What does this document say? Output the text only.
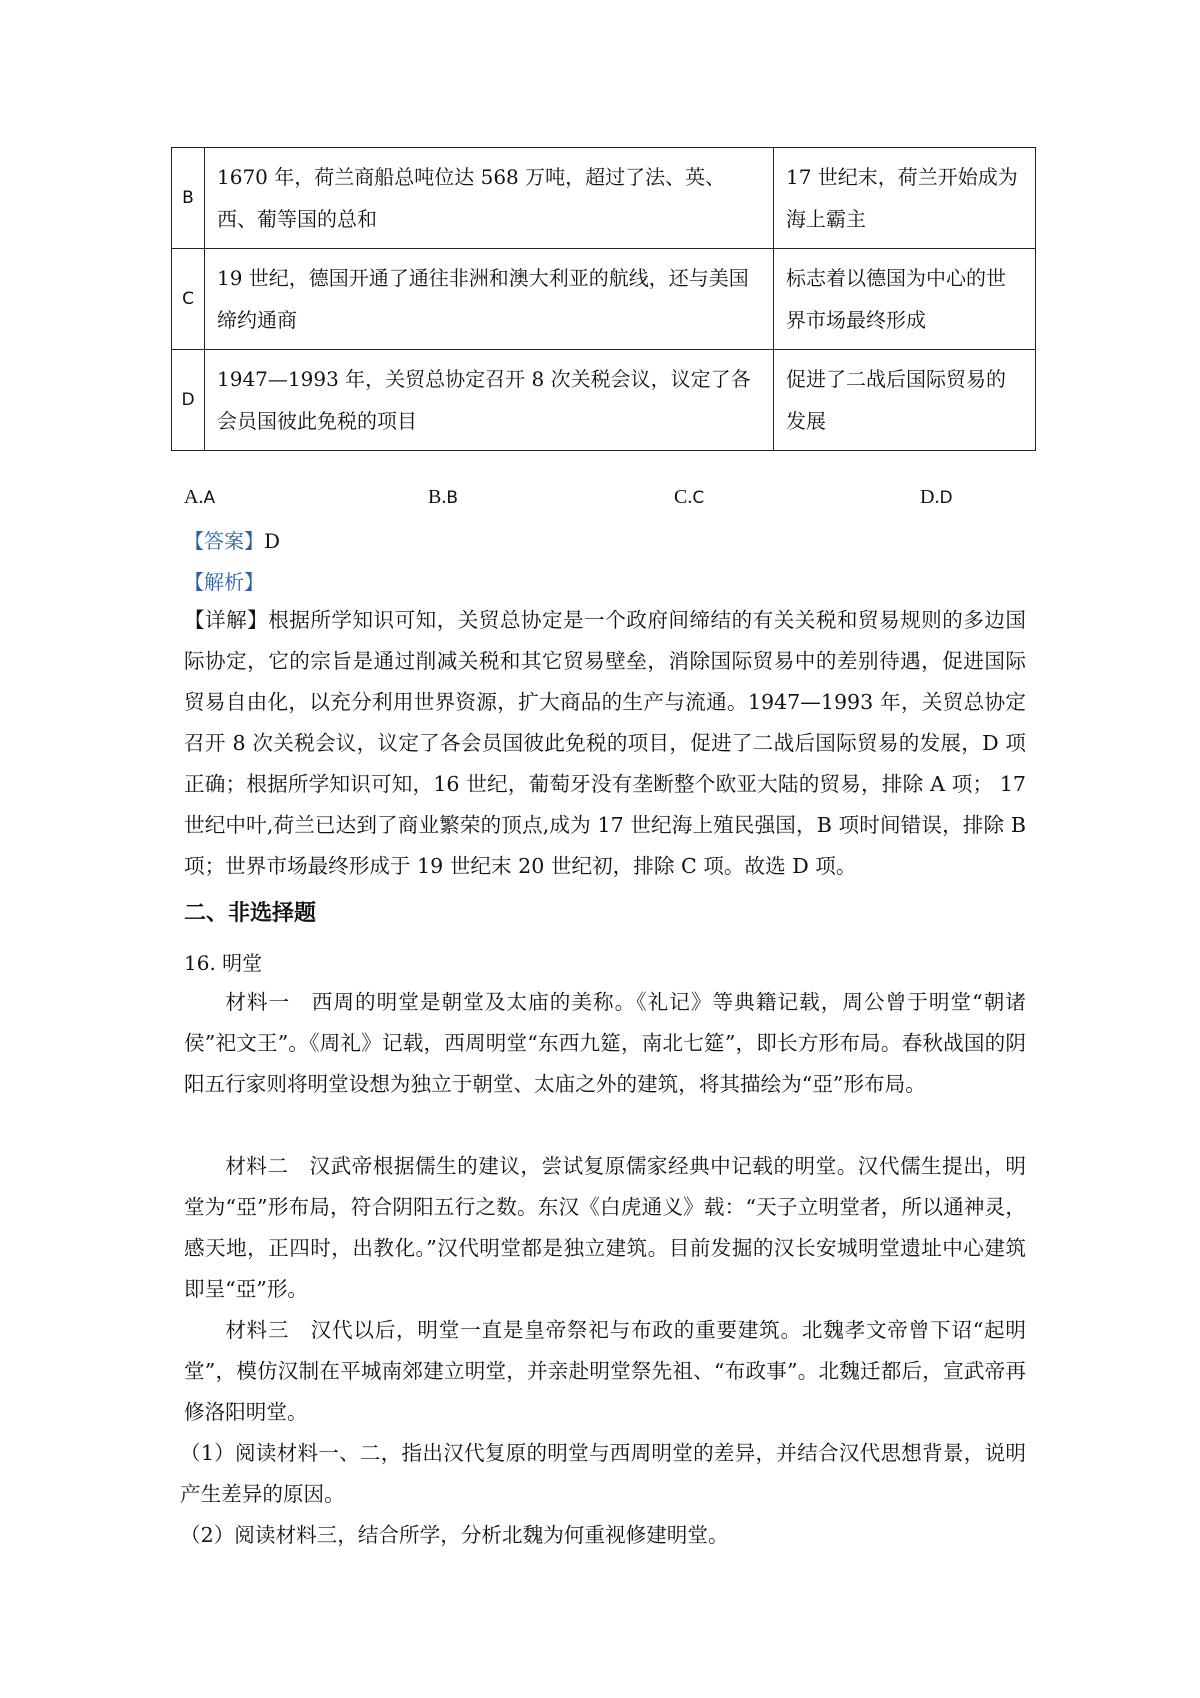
B	1670 年，荷兰商船总吨位达 568 万吨，超过了法、英、西、葡等国的总和	17 世纪末，荷兰开始成为海上霸主
C	19 世纪，德国开通了通往非洲和澳大利亚的航线，还与美国缔约通商	标志着以德国为中心的世界市场最终形成
D	1947—1993 年，关贸总协定召开 8 次关税会议，议定了各会员国彼此免税的项目	促进了二战后国际贸易的发展
A.A	B.B	C.C	D.D
【答案】D
【解析】
【详解】根据所学知识可知，关贸总协定是一个政府间缔结的有关关税和贸易规则的多边国际协定，它的宗旨是通过削减关税和其它贸易壁垒，消除国际贸易中的差别待遇，促进国际贸易自由化，以充分利用世界资源，扩大商品的生产与流通。1947—1993 年，关贸总协定召开 8 次关税会议，议定了各会员国彼此免税的项目，促进了二战后国际贸易的发展，D 项正确；根据所学知识可知，16 世纪，葡萄牙没有垄断整个欧亚大陆的贸易，排除 A 项； 17 世纪中叶,荷兰已达到了商业繁荣的顶点,成为 17 世纪海上殖民强国，B 项时间错误，排除 B 项；世界市场最终形成于 19 世纪末 20 世纪初，排除 C 项。故选 D 项。
二、非选择题
16. 明堂
材料一　西周的明堂是朝堂及太庙的美称。《礼记》等典籍记载，周公曾于明堂“朝诸侯”祀文王”。《周礼》记载，西周明堂“东西九筵，南北七筵”，即长方形布局。春秋战国的阴阳五行家则将明堂设想为独立于朝堂、太庙之外的建筑，将其描绘为“亞”形布局。
材料二　汉武帝根据儒生的建议，尝试复原儒家经典中记载的明堂。汉代儒生提出，明堂为“亞”形布局，符合阴阳五行之数。东汉《白虎通义》载：“天子立明堂者，所以通神灵，感天地，正四时，出教化。”汉代明堂都是独立建筑。目前发掘的汉长安城明堂遗址中心建筑即呈“亞”形。
材料三　汉代以后，明堂一直是皇帝祭祀与布政的重要建筑。北魏孝文帝曾下诏“起明堂”，模仿汉制在平城南郊建立明堂，并亲赴明堂祭先祖、“布政事”。北魏迁都后，宣武帝再修洛阳明堂。
（1）阅读材料一、二，指出汉代复原的明堂与西周明堂的差异，并结合汉代思想背景，说明产生差异的原因。
（2）阅读材料三，结合所学，分析北魏为何重视修建明堂。
